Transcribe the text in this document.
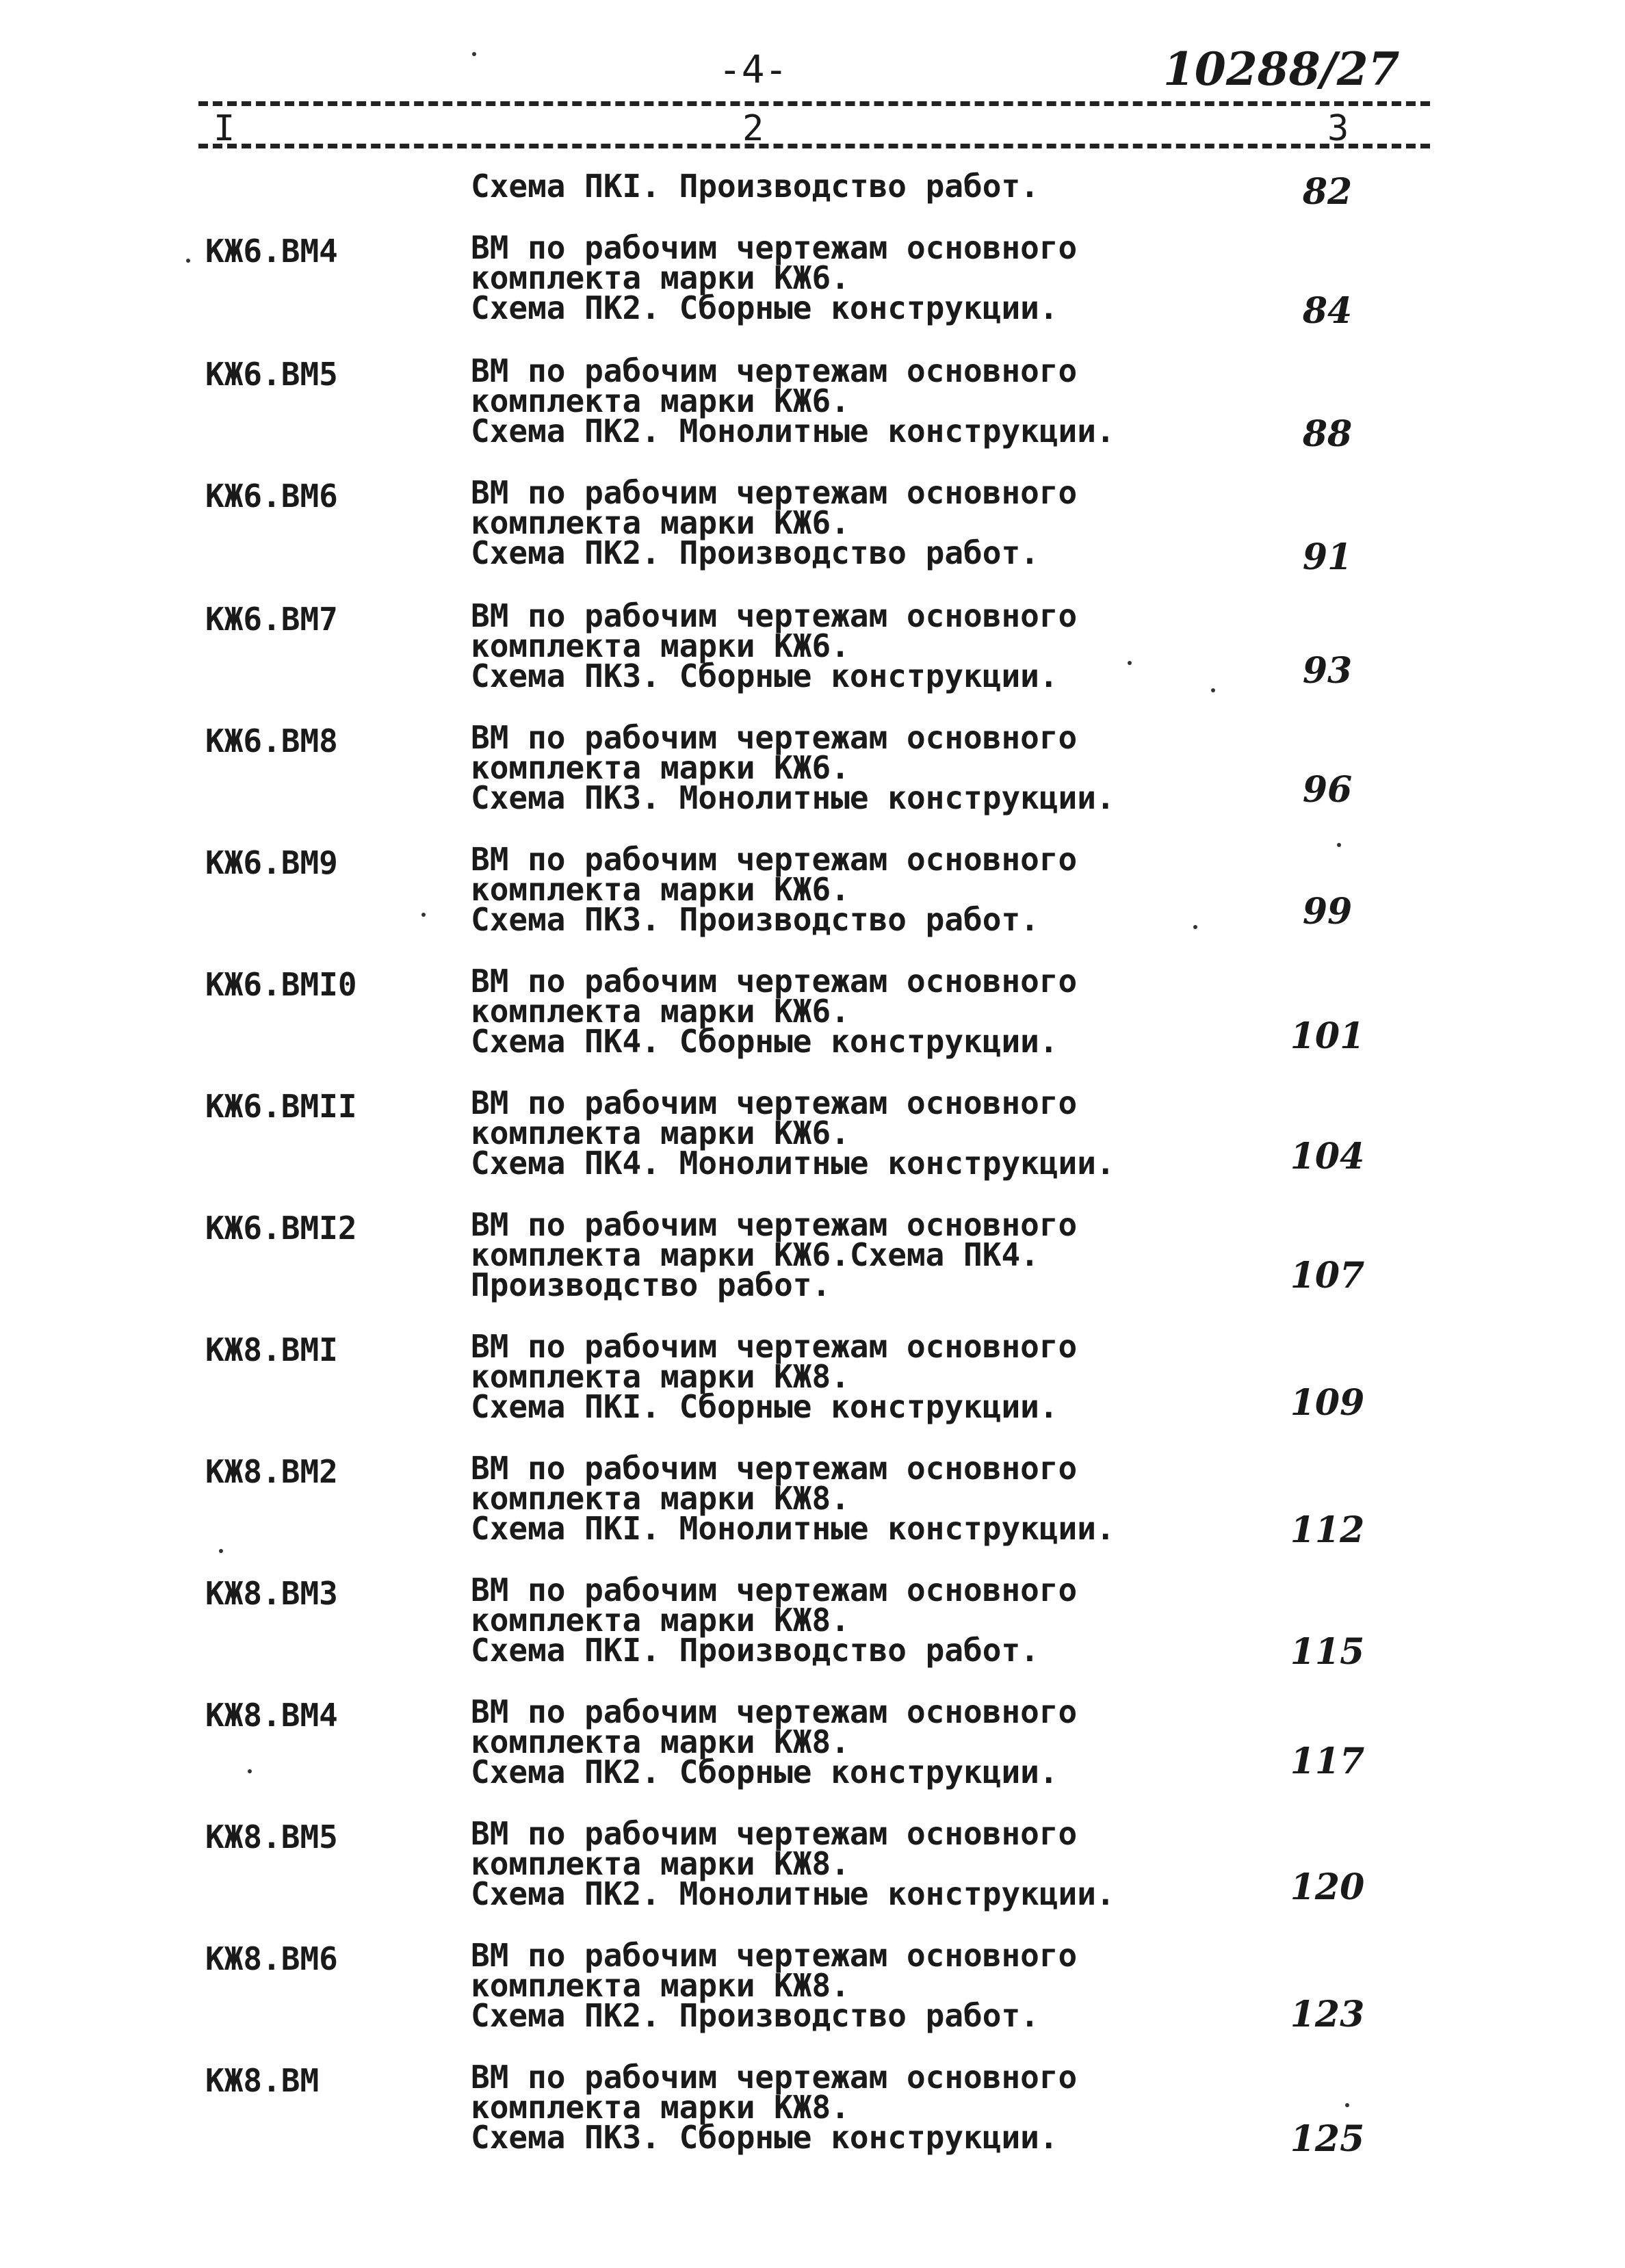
-4-	10288/27
I	2	3
Схема ПКI. Производство работ.	82
КЖ6.ВМ4	ВМ по рабочим чертежам основного
комплекта марки КЖ6.
Схема ПК2. Сборные конструкции.	84
КЖ6.ВМ5	ВМ по рабочим чертежам основного
комплекта марки КЖ6.
Схема ПК2. Монолитные конструкции.	88
КЖ6.ВМ6	ВМ по рабочим чертежам основного
комплекта марки КЖ6.
Схема ПК2. Производство работ.	91
КЖ6.ВМ7	ВМ по рабочим чертежам основного
комплекта марки КЖ6.
Схема ПК3. Сборные конструкции.	93
КЖ6.ВМ8	ВМ по рабочим чертежам основного
комплекта марки КЖ6.
Схема ПК3. Монолитные конструкции.	96
КЖ6.ВМ9	ВМ по рабочим чертежам основного
комплекта марки КЖ6.
Схема ПК3. Производство работ.	99
КЖ6.ВМI0	ВМ по рабочим чертежам основного
комплекта марки КЖ6.
Схема ПК4. Сборные конструкции.	101
КЖ6.ВМII	ВМ по рабочим чертежам основного
комплекта марки КЖ6.
Схема ПК4. Монолитные конструкции.	104
КЖ6.ВМI2	ВМ по рабочим чертежам основного
комплекта марки КЖ6.Схема ПК4.
Производство работ.	107
КЖ8.ВМI	ВМ по рабочим чертежам основного
комплекта марки КЖ8.
Схема ПКI. Сборные конструкции.	109
КЖ8.ВМ2	ВМ по рабочим чертежам основного
комплекта марки КЖ8.
Схема ПКI. Монолитные конструкции.	112
КЖ8.ВМ3	ВМ по рабочим чертежам основного
комплекта марки КЖ8.
Схема ПКI. Производство работ.	115
КЖ8.ВМ4	ВМ по рабочим чертежам основного
комплекта марки КЖ8.
Схема ПК2. Сборные конструкции.	117
КЖ8.ВМ5	ВМ по рабочим чертежам основного
комплекта марки КЖ8.
Схема ПК2. Монолитные конструкции.	120
КЖ8.ВМ6	ВМ по рабочим чертежам основного
комплекта марки КЖ8.
Схема ПК2. Производство работ.	123
КЖ8.ВМ	ВМ по рабочим чертежам основного
комплекта марки КЖ8.
Схема ПК3. Сборные конструкции.	125
